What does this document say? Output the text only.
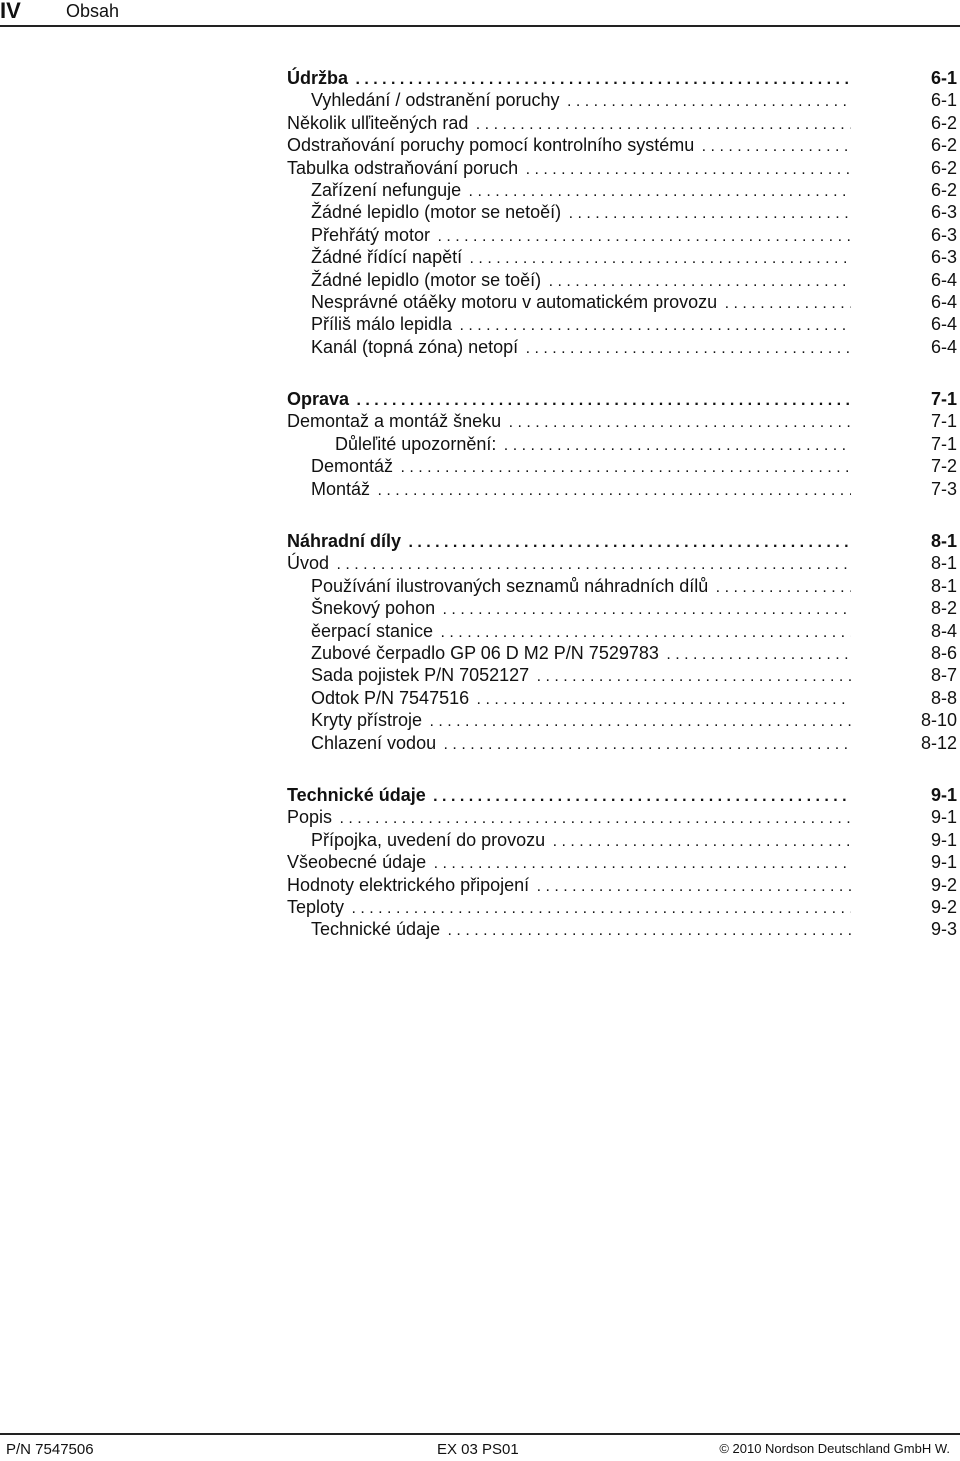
IV	Obsah
Údržba . . .	6-1
Vyhledání / odstranění poruchy . . .	6-1
Několik ulľiteěných rad . . .	6-2
Odstraňování poruchy pomocí kontrolního systému . . .	6-2
Tabulka odstraňování poruch . . .	6-2
Zařízení nefunguje . . .	6-2
Žádné lepidlo (motor se netoěí) . . .	6-3
Přehřátý motor . . .	6-3
Žádné řídící napětí . . .	6-3
Žádné lepidlo (motor se toěí) . . .	6-4
Nesprávné otáěky motoru v automatickém provozu . . .	6-4
Příliš málo lepidla . . .	6-4
Kanál (topná zóna) netopí . . .	6-4
Oprava . . .	7-1
Demontaž a montáž šneku . . .	7-1
Důleľité upozornění: . . .	7-1
Demontáž . . .	7-2
Montáž . . .	7-3
Náhradní díly . . .	8-1
Úvod . . .	8-1
Používání ilustrovaných seznamů náhradních dílů . . .	8-1
Šnekový pohon . . .	8-2
ěerpací stanice . . .	8-4
Zubové čerpadlo GP 06 D M2 P/N 7529783 . . .	8-6
Sada pojistek P/N 7052127 . . .	8-7
Odtok P/N 7547516 . . .	8-8
Kryty přístroje . . .	8-10
Chlazení vodou . . .	8-12
Technické údaje . . .	9-1
Popis . . .	9-1
Přípojka, uvedení do provozu . . .	9-1
Všeobecné údaje . . .	9-1
Hodnoty elektrického připojení . . .	9-2
Teploty . . .	9-2
Technické údaje . . .	9-3
P/N 7547506	EX 03 PS01	© 2010 Nordson Deutschland GmbH W.
